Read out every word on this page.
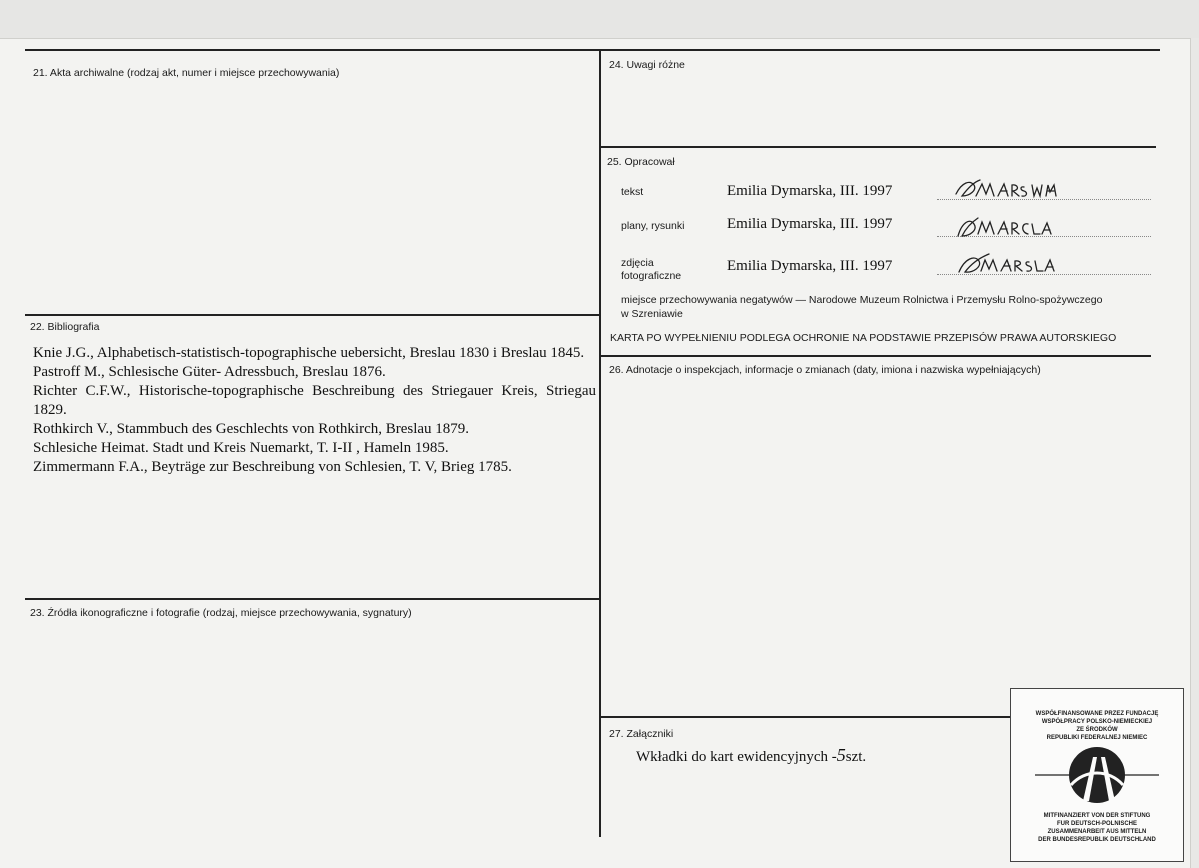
21. Akta archiwalne (rodzaj akt, numer i miejsce przechowywania)
22. Bibliografia
Knie J.G., Alphabetisch-statistisch-topographische uebersicht, Breslau 1830 i Breslau 1845.
Pastroff M., Schlesische Güter- Adressbuch, Breslau 1876.
Richter C.F.W., Historische-topographische Beschreibung des Striegauer Kreis, Striegau 1829.
Rothkirch V., Stammbuch des Geschlechts von Rothkirch, Breslau 1879.
Schlesiche Heimat. Stadt und Kreis Nuemarkt, T. I-II , Hameln 1985.
Zimmermann F.A., Beyträge zur Beschreibung von Schlesien, T. V, Brieg 1785.
23. Źródła ikonograficzne i fotografie (rodzaj, miejsce przechowywania, sygnatury)
24. Uwagi różne
25. Opracował
tekst	Emilia Dymarska, III. 1997
plany, rysunki	Emilia Dymarska, III. 1997
zdjęcia
fotograficzne
Emilia Dymarska, III. 1997
miejsce przechowywania negatywów — Narodowe Muzeum Rolnictwa i Przemysłu Rolno-spożywczego
w Szreniawie
KARTA PO WYPEŁNIENIU PODLEGA OCHRONIE NA PODSTAWIE PRZEPISÓW PRAWA AUTORSKIEGO
26. Adnotacje o inspekcjach, informacje o zmianach (daty, imiona i nazwiska wypełniających)
27. Załączniki
Wkładki do kart ewidencyjnych -5szt.
WSPÓŁFINANSOWANE PRZEZ FUNDACJĘ
WSPÓŁPRACY POLSKO-NIEMIECKIEJ
ZE ŚRODKÓW
REPUBLIKI FEDERALNEJ NIEMIEC
MITFINANZIERT VON DER STIFTUNG
FUR DEUTSCH-POLNISCHE
ZUSAMMENARBEIT AUS MITTELN
DER BUNDESREPUBLIK DEUTSCHLAND
